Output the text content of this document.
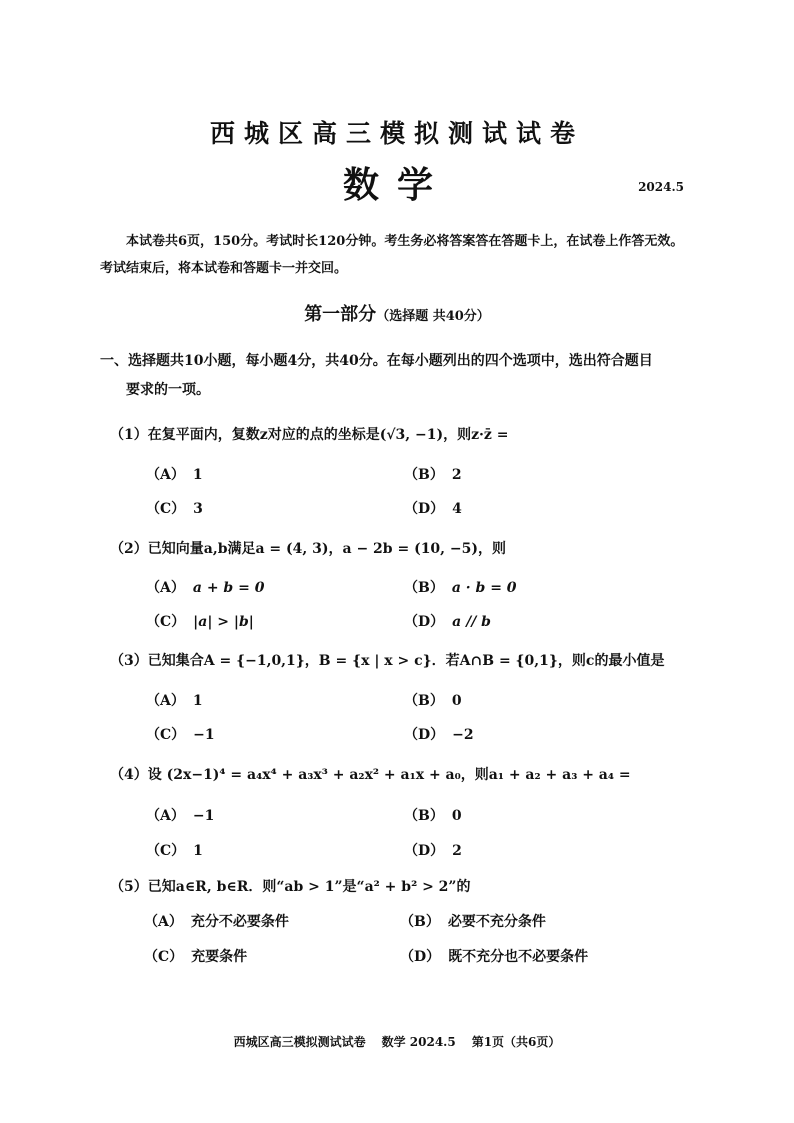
西城区高三模拟测试试卷
数学	2024.5
本试卷共6页，150分。考试时长120分钟。考生务必将答案答在答题卡上，在试卷上作答无效。考试结束后，将本试卷和答题卡一并交回。
第一部分（选择题 共40分）
一、选择题共10小题，每小题4分，共40分。在每小题列出的四个选项中，选出符合题目
要求的一项。
（1）在复平面内，复数z对应的点的坐标是(√3, −1)，则z·z̄ =
（A） 1	（B） 2
（C） 3	（D） 4
（2）已知向量a,b满足a = (4, 3)，a − 2b = (10, −5)，则
（A） a + b = 0	（B） a · b = 0
（C） |a| > |b|	（D） a // b
（3）已知集合A = {−1,0,1}，B = {x | x > c}．若A∩B = {0,1}，则c的最小值是
（A） 1	（B） 0
（C） −1	（D） −2
（4）设 (2x−1)⁴ = a₄x⁴ + a₃x³ + a₂x² + a₁x + a₀，则a₁ + a₂ + a₃ + a₄ =
（A） −1	（B） 0
（C） 1	（D） 2
（5）已知a∈R, b∈R．则“ab > 1”是“a² + b² > 2”的
（A） 充分不必要条件	（B） 必要不充分条件
（C） 充要条件	（D） 既不充分也不必要条件
西城区高三模拟测试试卷 数学 2024.5 第1页（共6页）
